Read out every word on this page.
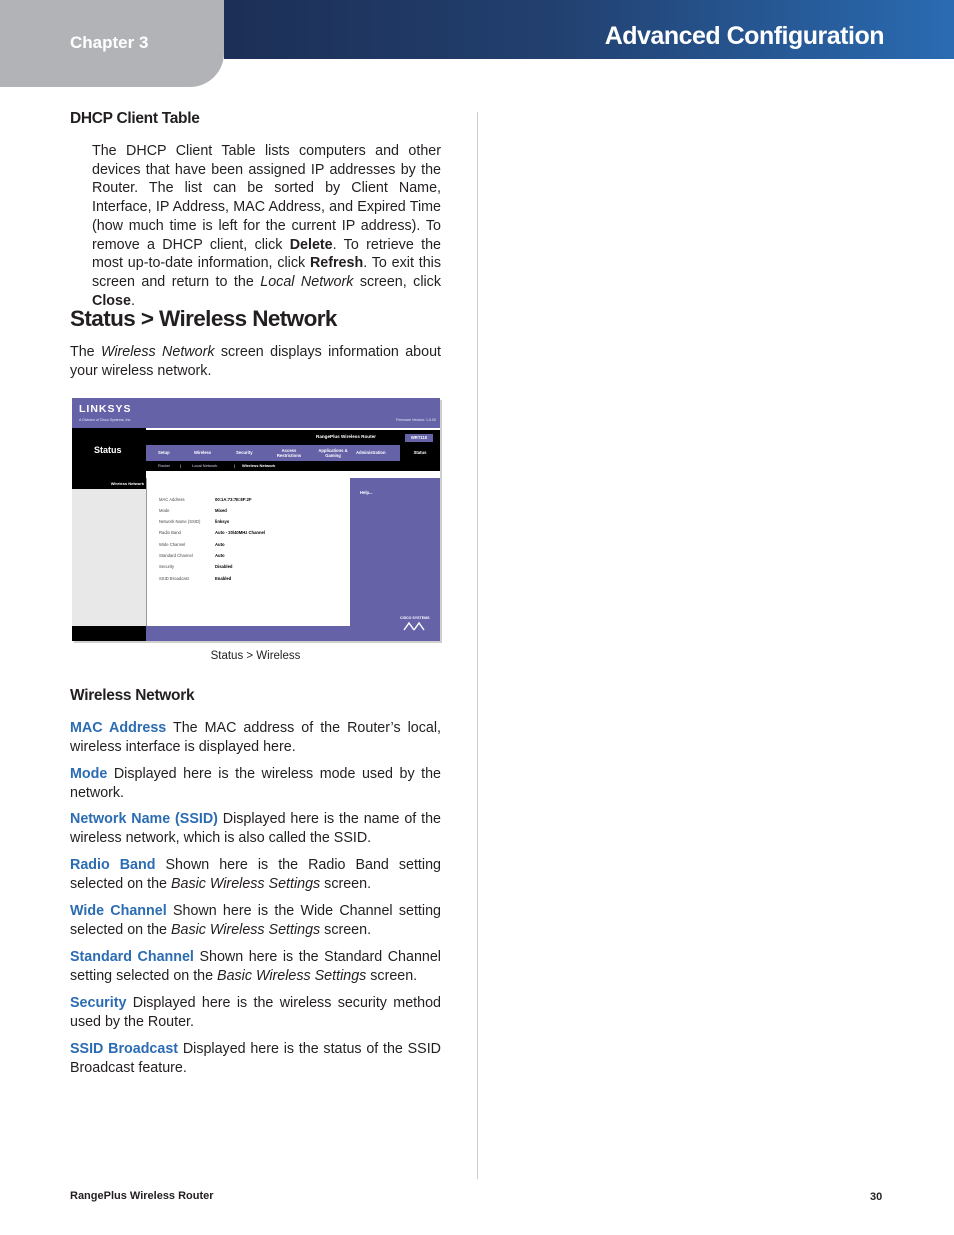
Chapter 3	Advanced Configuration
DHCP Client Table
The DHCP Client Table lists computers and other devices that have been assigned IP addresses by the Router. The list can be sorted by Client Name, Interface, IP Address, MAC Address, and Expired Time (how much time is left for the current IP address). To remove a DHCP client, click Delete. To retrieve the most up-to-date information, click Refresh. To exit this screen and return to the Local Network screen, click Close.
Status > Wireless Network
The Wireless Network screen displays information about your wireless network.
LINKSYS
A Division of Cisco Systems, Inc.	Firmware Version: 1.0.00
Status
RangePlus Wireless Router	WRT110
Setup	Wireless	Security	Access Restrictions
Applications & Gaming
Administration	Status
Router |	Local Network	| Wireless Network
Wireless Network
MAC Address	00:1A:73:7E:8F:2F
Mode	Mixed
Network Name (SSID)	linksys
Radio Band	Auto - 20/40MHz Channel
Wide Channel	Auto
Standard Channel	Auto
Security	Disabled
SSID Broadcast	Enabled
Help...
CISCO SYSTEMS
Status > Wireless
Wireless Network
MAC Address The MAC address of the Router’s local, wireless interface is displayed here.
Mode Displayed here is the wireless mode used by the network.
Network Name (SSID) Displayed here is the name of the wireless network, which is also called the SSID.
Radio Band Shown here is the Radio Band setting selected on the Basic Wireless Settings screen.
Wide Channel Shown here is the Wide Channel setting selected on the Basic Wireless Settings screen.
Standard Channel Shown here is the Standard Channel setting selected on the Basic Wireless Settings screen.
Security Displayed here is the wireless security method used by the Router.
SSID Broadcast Displayed here is the status of the SSID Broadcast feature.
RangePlus Wireless Router	30
